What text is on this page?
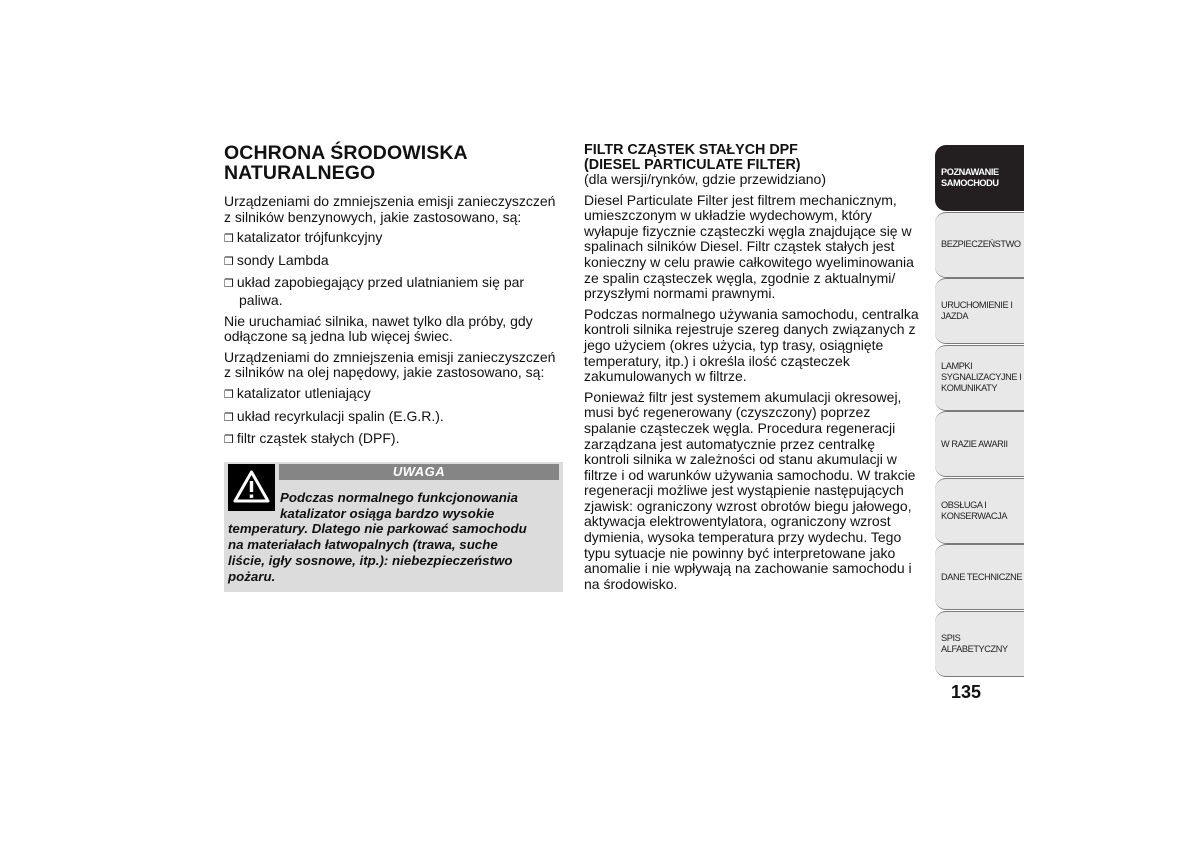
OCHRONA ŚRODOWISKA
NATURALNEGO

Urządzeniami do zmniejszenia emisji zanieczyszczeń z silników benzynowych, jakie zastosowano, są:

❒ katalizator trójfunkcyjny

❒ sondy Lambda

❒ układ zapobiegający przed ulatnianiem się par paliwa.

Nie uruchamiać silnika, nawet tylko dla próby, gdy odłączone są jedna lub więcej świec.

Urządzeniami do zmniejszenia emisji zanieczyszczeń z silników na olej napędowy, jakie zastosowano, są:

❒ katalizator utleniający

❒ układ recyrkulacji spalin (E.G.R.).

❒ filtr cząstek stałych (DPF).

UWAGA
Podczas normalnego funkcjonowania
katalizator osiąga bardzo wysokie
temperatury. Dlatego nie parkować samochodu
na materiałach łatwopalnych (trawa, suche
liście, igły sosnowe, itp.): niebezpieczeństwo
pożaru.
FILTR CZĄSTEK STAŁYCH DPF
(DIESEL PARTICULATE FILTER)

(dla wersji/rynków, gdzie przewidziano)

Diesel Particulate Filter jest filtrem mechanicznym, umieszczonym w układzie wydechowym, który wyłapuje fizycznie cząsteczki węgla znajdujące się w spalinach silników Diesel. Filtr cząstek stałych jest konieczny w celu prawie całkowitego wyeliminowania ze spalin cząsteczek węgla, zgodnie z aktualnymi/ przyszłymi normami prawnymi.

Podczas normalnego używania samochodu, centralka kontroli silnika rejestruje szereg danych związanych z jego użyciem (okres użycia, typ trasy, osiągnięte temperatury, itp.) i określa ilość cząsteczek zakumulowanych w filtrze.

Ponieważ filtr jest systemem akumulacji okresowej, musi być regenerowany (czyszczony) poprzez spalanie cząsteczek węgla. Procedura regeneracji zarządzana jest automatycznie przez centralkę kontroli silnika w zależności od stanu akumulacji w filtrze i od warunków używania samochodu. W trakcie regeneracji możliwe jest wystąpienie następujących zjawisk: ograniczony wzrost obrotów biegu jałowego, aktywacja elektrowentylatora, ograniczony wzrost dymienia, wysoka temperatura przy wydechu. Tego typu sytuacje nie powinny być interpretowane jako anomalie i nie wpływają na zachowanie samochodu i na środowisko.

POZNAWANIE
SAMOCHODU
BEZPIECZEŃSTWO
URUCHOMIENIE I
JAZDA
LAMPKI
SYGNALIZACYJNE I
KOMUNIKATY
W RAZIE AWARII
OBSŁUGA I
KONSERWACJA
DANE TECHNICZNE
SPIS ALFABETYCZNY
135
